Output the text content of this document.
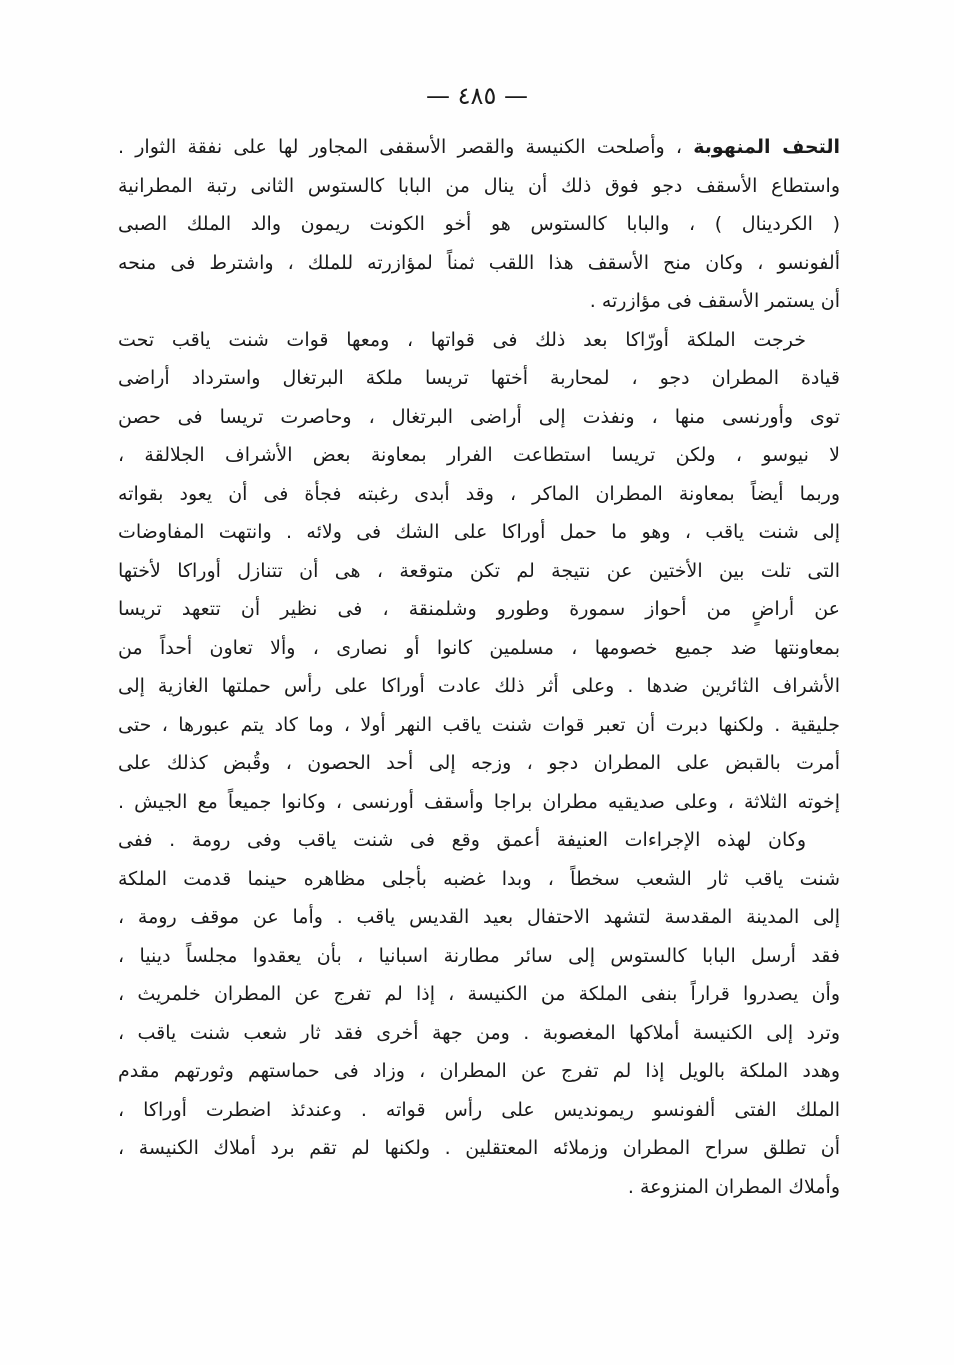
— ٤٨٥ —
التحف المنهوبة ، وأصلحت الكنيسة والقصر الأسقفى المجاور لها على نفقة الثوار .
واستطاع الأسقف دجو فوق ذلك أن ينال من البابا كالستوس الثانى رتبة المطرانية
( الكردينال ) ، والبابا كالستوس هو أخو الكونت ريمون والد الملك الصبى
ألفونسو ، وكان منح الأسقف هذا اللقب ثمناً لمؤازرته للملك ، واشترط فى منحه
أن يستمر الأسقف فى مؤازرته .
خرجت الملكة أورّاكا بعد ذلك فى قواتها ، ومعها قوات شنت ياقب تحت
قيادة المطران دجو ، لمحاربة أختها تريسا ملكة البرتغال واسترداد أراضى
توى وأورنسى منها ، ونفذت إلى أراضى البرتغال ، وحاصرت تريسا فى حصن
لا نيوسو ، ولكن تريسا استطاعت الفرار بمعاونة بعض الأشراف الجلالقة ،
وربما أيضاً بمعاونة المطران الماكر ، وقد أبدى رغبته فجأة فى أن يعود بقواته
إلى شنت ياقب ، وهو ما حمل أوراكا على الشك فى ولائه . وانتهت المفاوضات
التى تلت بين الأختين عن نتيجة لم تكن متوقعة ، هى أن تتنازل أوراكا لأختها
عن أراضٍ من أحواز سمورة وطورو وشلمنقة ، فى نظير أن تتعهد تريسا
بمعاونتها ضد جميع خصومها ، مسلمين كانوا أو نصارى ، وألا تعاون أحداً من
الأشراف الثائرين ضدها . وعلى أثر ذلك عادت أوراكا على رأس حملتها الغازية إلى
جليقية . ولكنها دبرت أن تعبر قوات شنت ياقب النهر أولا ، وما كاد يتم عبورها ، حتى
أمرت بالقبض على المطران دجو ، وزجه إلى أحد الحصون ، وقُبض كذلك على
إخوته الثلاثة ، وعلى صديقيه مطران براجا وأسقف أورنسى ، وكانوا جميعاً مع الجيش .
وكان لهذه الإجراءات العنيفة أعمق وقع فى شنت ياقب وفى رومة . ففى
شنت ياقب ثار الشعب سخطاً ، وبدا غضبه بأجلى مظاهره حينما قدمت الملكة
إلى المدينة المقدسة لتشهد الاحتفال بعيد القديس ياقب . وأما عن موقف رومة ،
فقد أرسل البابا كالستوس إلى سائر مطارنة اسبانيا ، بأن يعقدوا مجلساً دينيا ،
وأن يصدروا قراراً بنفى الملكة من الكنيسة ، إذا لم تفرج عن المطران خلمريث ،
وترد إلى الكنيسة أملاكها المغصوبة . ومن جهة أخرى فقد ثار شعب شنت ياقب ،
وهدد الملكة بالويل إذا لم تفرج عن المطران ، وزاد فى حماستهم وثورتهم مقدم
الملك الفتى ألفونسو ريمونديس على رأس قواته . وعندئذ اضطرت أوراكا ،
أن تطلق سراح المطران وزملائه المعتقلين . ولكنها لم تقم برد أملاك الكنيسة ،
وأملاك المطران المنزوعة .
